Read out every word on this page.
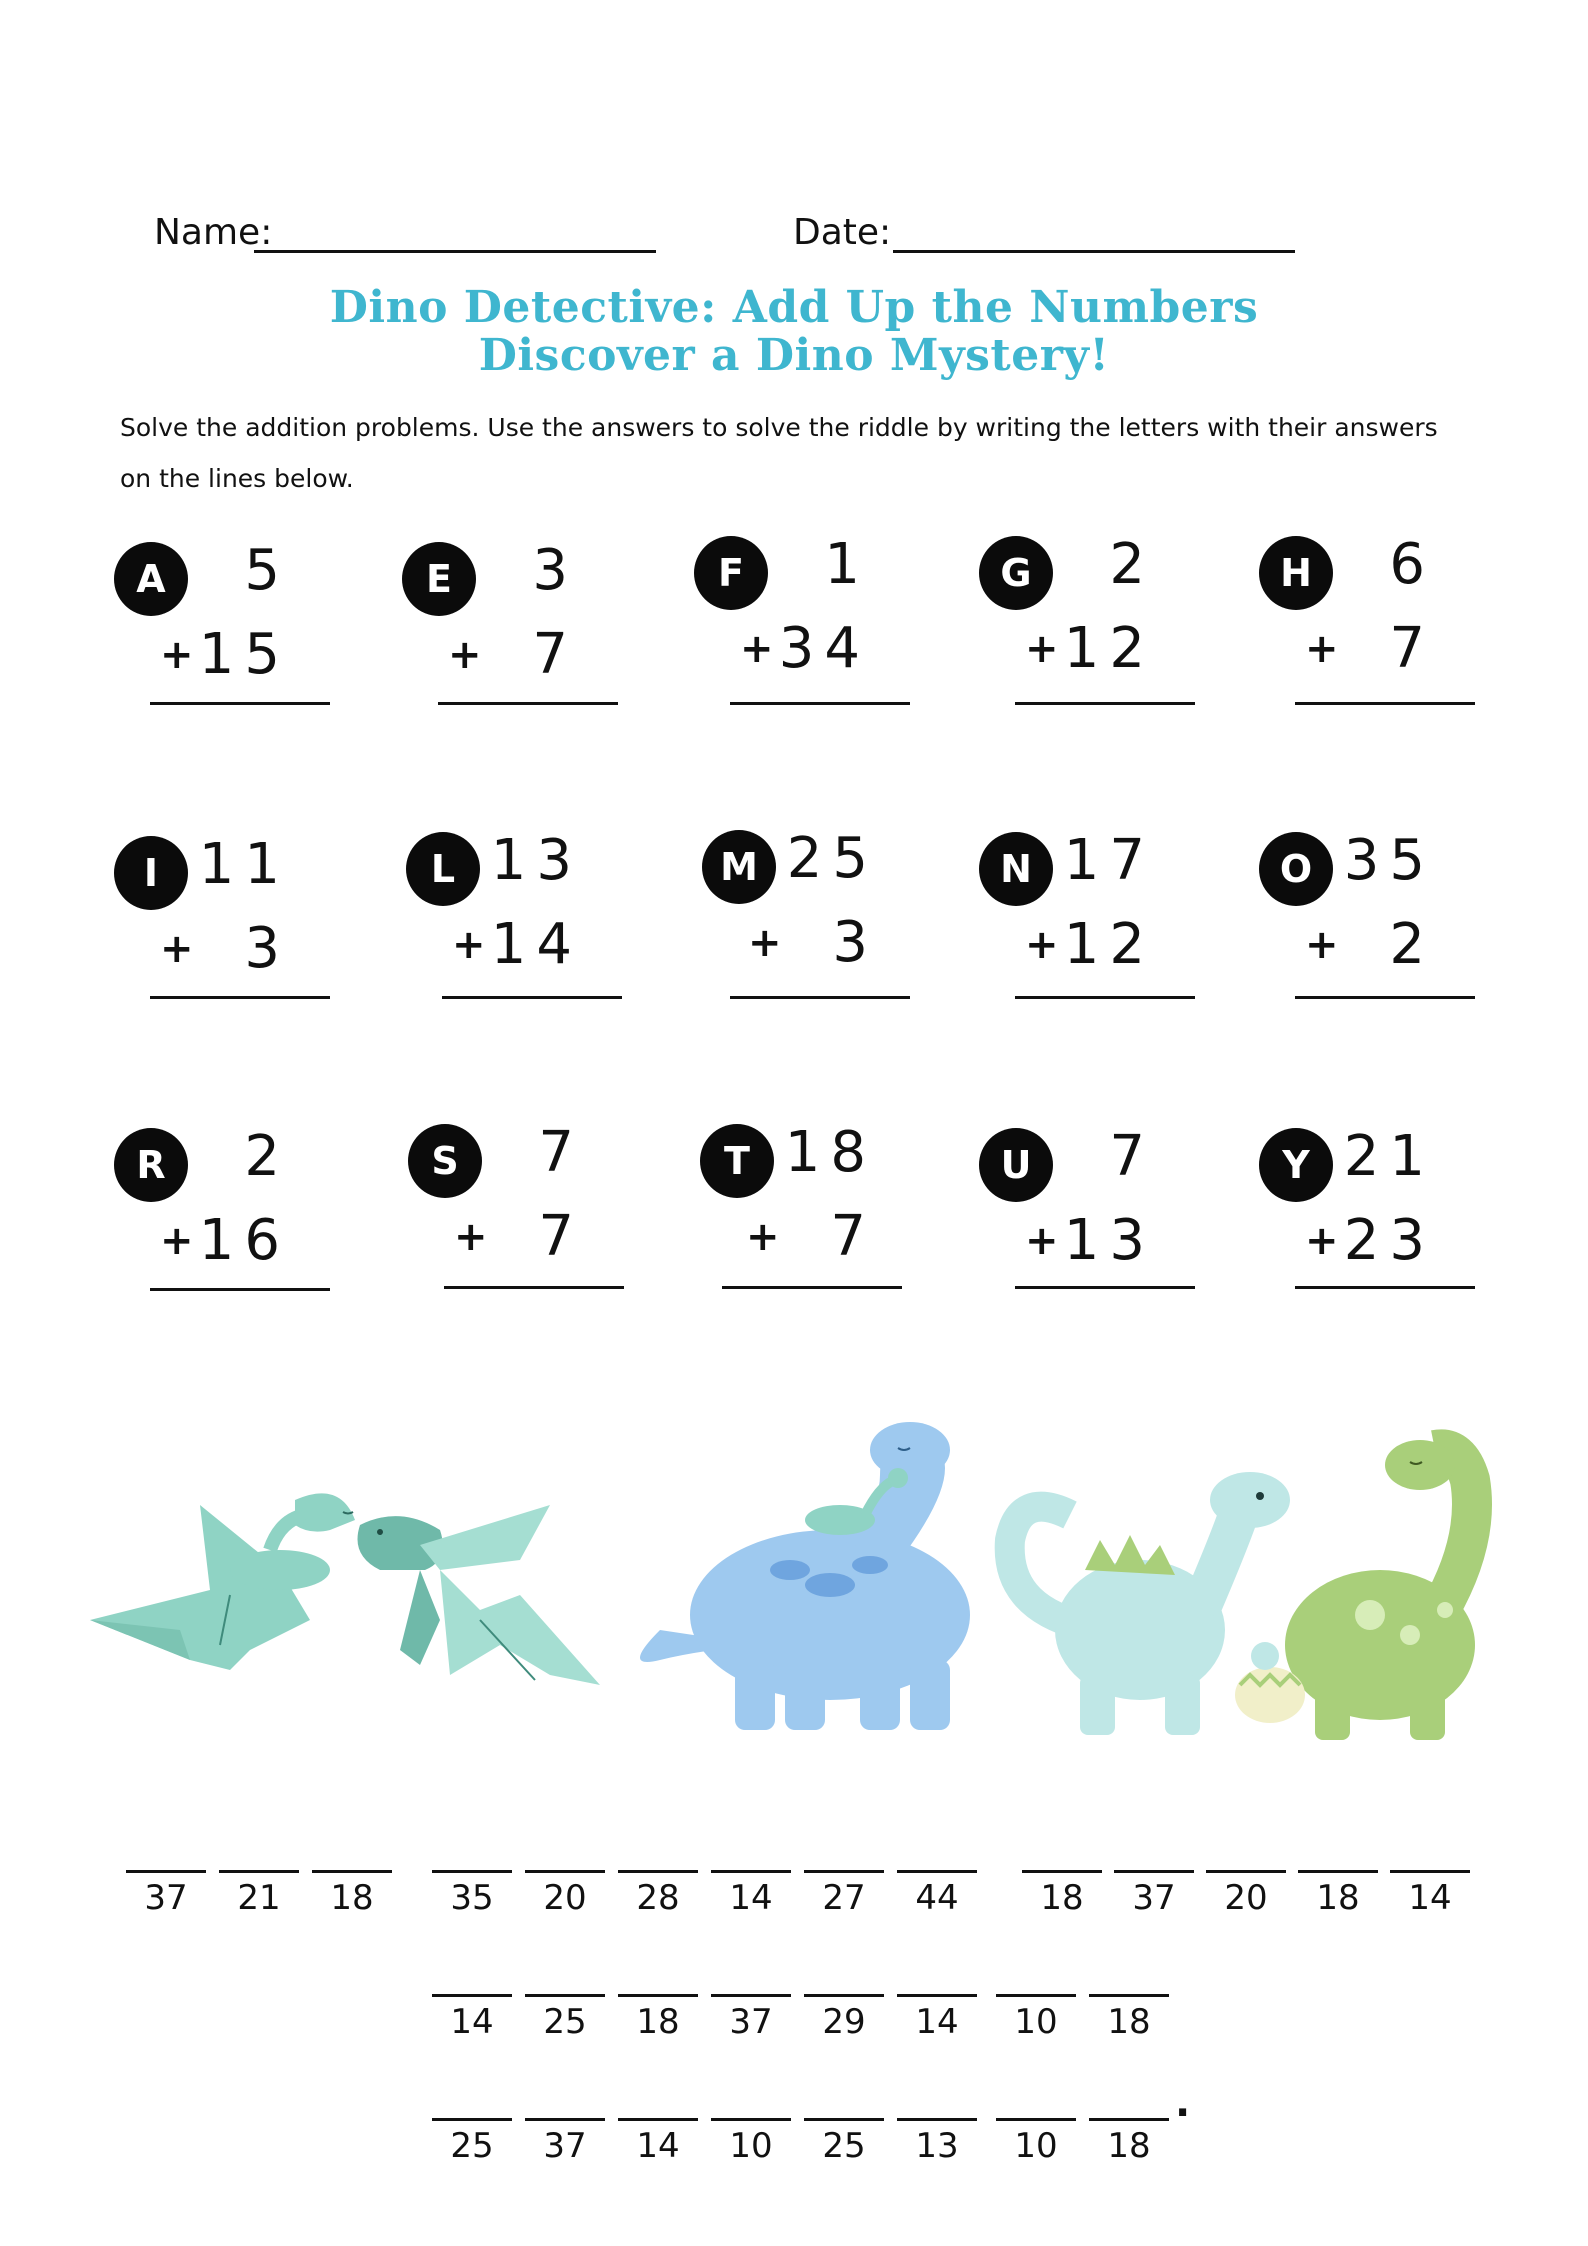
Name:	Date:
Dino Detective: Add Up the Numbers
Discover a Dino Mystery!
Solve the addition problems. Use the answers to solve the riddle by writing the letters with their answers on the lines below.
A	5
+ 15
E	3
+ 7
F	1
+ 34
G	2
+ 12
H	6
+ 7
I 11
+ 3
L 13
+ 14
M 25
+ 3
N 17
+ 12
O 35
+ 2
R	2
+ 16
S	7
+ 7
T 18
+ 7
U	7
+ 13
Y 21
+ 23
37	21	18	35	20	28	14	27	44	18	37	20	18	14
14	25	18	37	29	14	10	18
25	37	14	10	25	13	10	18
.
